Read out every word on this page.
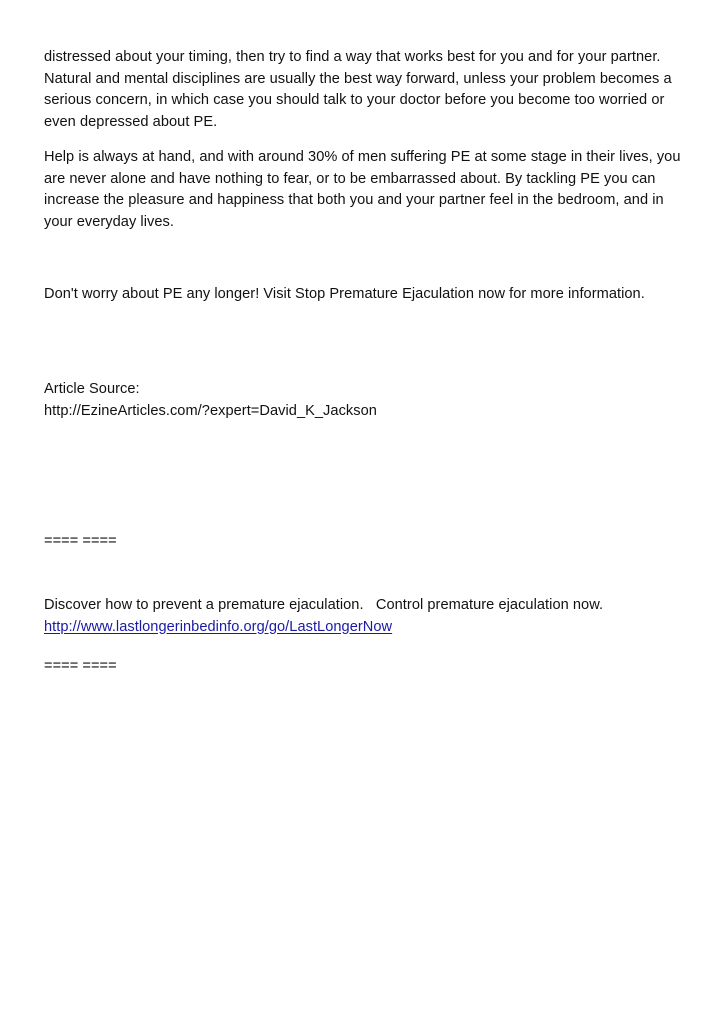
distressed about your timing, then try to find a way that works best for you and for your partner.
Natural and mental disciplines are usually the best way forward, unless your problem becomes a
serious concern, in which case you should talk to your doctor before you become too worried or
even depressed about PE.
Help is always at hand, and with around 30% of men suffering PE at some stage in their lives, you
are never alone and have nothing to fear, or to be embarrassed about. By tackling PE you can
increase the pleasure and happiness that both you and your partner feel in the bedroom, and in
your everyday lives.
Don't worry about PE any longer! Visit Stop Premature Ejaculation now for more information.
Article Source:
http://EzineArticles.com/?expert=David_K_Jackson
==== ====
Discover how to prevent a premature ejaculation.   Control premature ejaculation now.
http://www.lastlongerinbedinfo.org/go/LastLongerNow
==== ====
